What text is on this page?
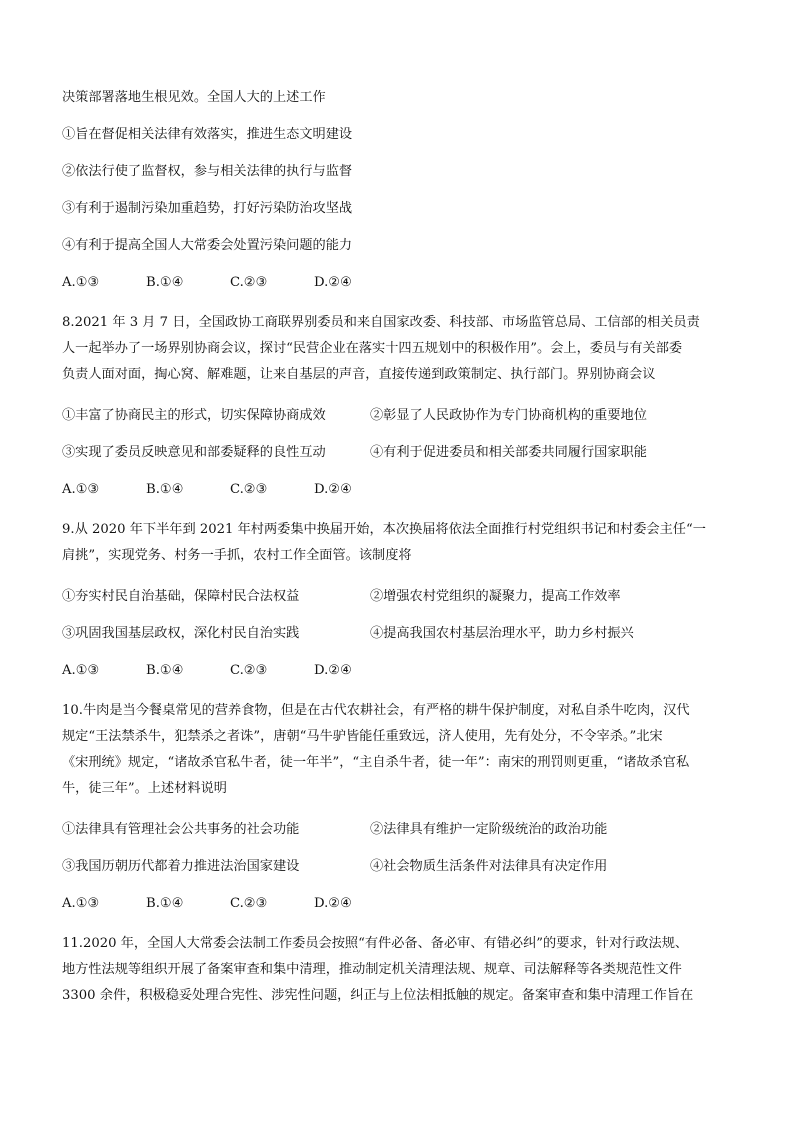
决策部署落地生根见效。全国人大的上述工作

①旨在督促相关法律有效落实，推进生态文明建设

②依法行使了监督权，参与相关法律的执行与监督

③有利于遏制污染加重趋势，打好污染防治攻坚战

④有利于提高全国人大常委会处置污染问题的能力

A.①③	B.①④	C.②③	D.②④

8.2021 年 3 月 7 日，全国政协工商联界别委员和来自国家改委、科技部、市场监管总局、工信部的相关员责

人一起举办了一场界别协商会议，探讨“民营企业在落实十四五规划中的积极作用”。会上，委员与有关部委

负责人面对面，掏心窝、解难题，让来自基层的声音，直接传递到政策制定、执行部门。界别协商会议

①丰富了协商民主的形式，切实保障协商成效	②彰显了人民政协作为专门协商机构的重要地位
③实现了委员反映意见和部委疑释的良性互动	④有利于促进委员和相关部委共同履行国家职能
A.①③	B.①④	C.②③	D.②④

9.从 2020 年下半年到 2021 年村两委集中换届开始，本次换届将依法全面推行村党组织书记和村委会主任“一

肩挑”，实现党务、村务一手抓，农村工作全面管。该制度将

①夯实村民自治基础，保障村民合法权益	②增强农村党组织的凝聚力，提高工作效率
③巩固我国基层政权，深化村民自治实践	④提高我国农村基层治理水平，助力乡村振兴
A.①③	B.①④	C.②③	D.②④

10.牛肉是当今餐桌常见的营养食物，但是在古代农耕社会，有严格的耕牛保护制度，对私自杀牛吃肉，汉代

规定“王法禁杀牛，犯禁杀之者诛”，唐朝“马牛驴皆能任重致远，济人使用，先有处分，不令宰杀。”北宋

《宋刑统》规定，“诸故杀官私牛者，徒一年半”，“主自杀牛者，徒一年”：南宋的刑罚则更重，“诸故杀官私

牛，徒三年”。上述材料说明

①法律具有管理社会公共事务的社会功能	②法律具有维护一定阶级统治的政治功能
③我国历朝历代都着力推进法治国家建设	④社会物质生活条件对法律具有决定作用
A.①③	B.①④	C.②③	D.②④

11.2020 年，全国人大常委会法制工作委员会按照“有件必备、备必审、有错必纠”的要求，针对行政法规、

地方性法规等组织开展了备案审查和集中清理，推动制定机关清理法规、规章、司法解释等各类规范性文件

3300 余件，积极稳妥处理合宪性、涉宪性问题，纠正与上位法相抵触的规定。备案审查和集中清理工作旨在
